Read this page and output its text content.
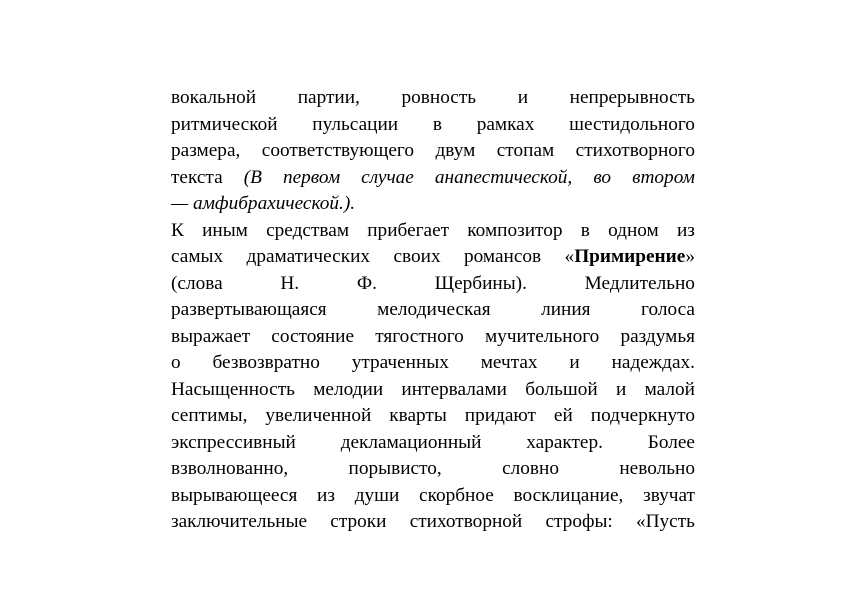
вокальной партии, ровность и непрерывность
ритмической пульсации в рамках шестидольного
размера, соответствующего двум стопам стихотворного
текста (В первом случае анапестической, во втором
— амфибрахической.).
К иным средствам прибегает композитор в одном из
самых драматических своих романсов «Примирение»
(слова	Н.	Ф.	Щербины).	Медлительно
развертывающаяся	мелодическая	линия	голоса
выражает состояние тягостного мучительного раздумья
о безвозвратно утраченных мечтах и надеждах.
Насыщенность мелодии интервалами большой и малой
септимы, увеличенной кварты придают ей подчеркнуто
экспрессивный декламационный характер. Более
взволнованно,	порывисто,	словно	невольно
вырывающееся из души скорбное восклицание, звучат
заключительные строки стихотворной строфы: «Пусть
